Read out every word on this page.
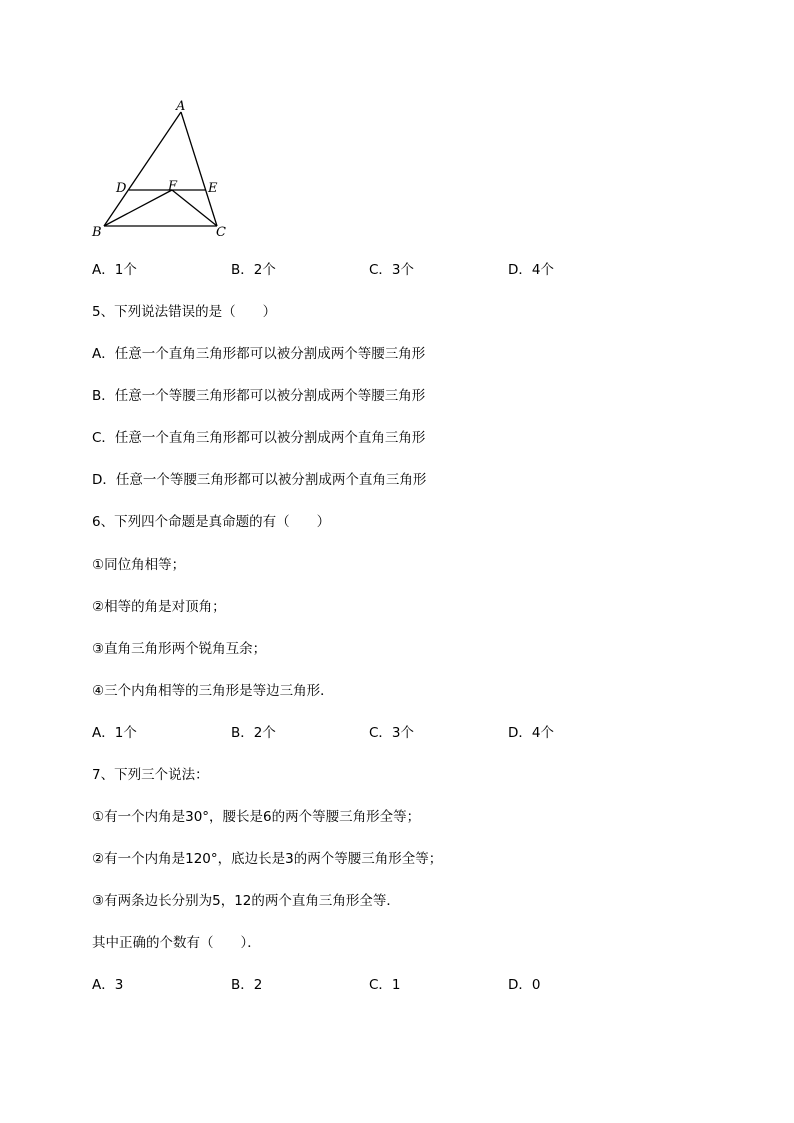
A
D	F E
B	C
A．1个	B．2个	C．3个	D．4个
5、下列说法错误的是（　　）
A．任意一个直角三角形都可以被分割成两个等腰三角形
B．任意一个等腰三角形都可以被分割成两个等腰三角形
C．任意一个直角三角形都可以被分割成两个直角三角形
D．任意一个等腰三角形都可以被分割成两个直角三角形
6、下列四个命题是真命题的有（　　）
①同位角相等；
②相等的角是对顶角；
③直角三角形两个锐角互余；
④三个内角相等的三角形是等边三角形．
A．1个	B．2个	C．3个	D．4个
7、下列三个说法：
①有一个内角是30°，腰长是6的两个等腰三角形全等；
②有一个内角是120°，底边长是3的两个等腰三角形全等；
③有两条边长分别为5，12的两个直角三角形全等．
其中正确的个数有（　　）．
A．3	B．2	C．1	D．0
